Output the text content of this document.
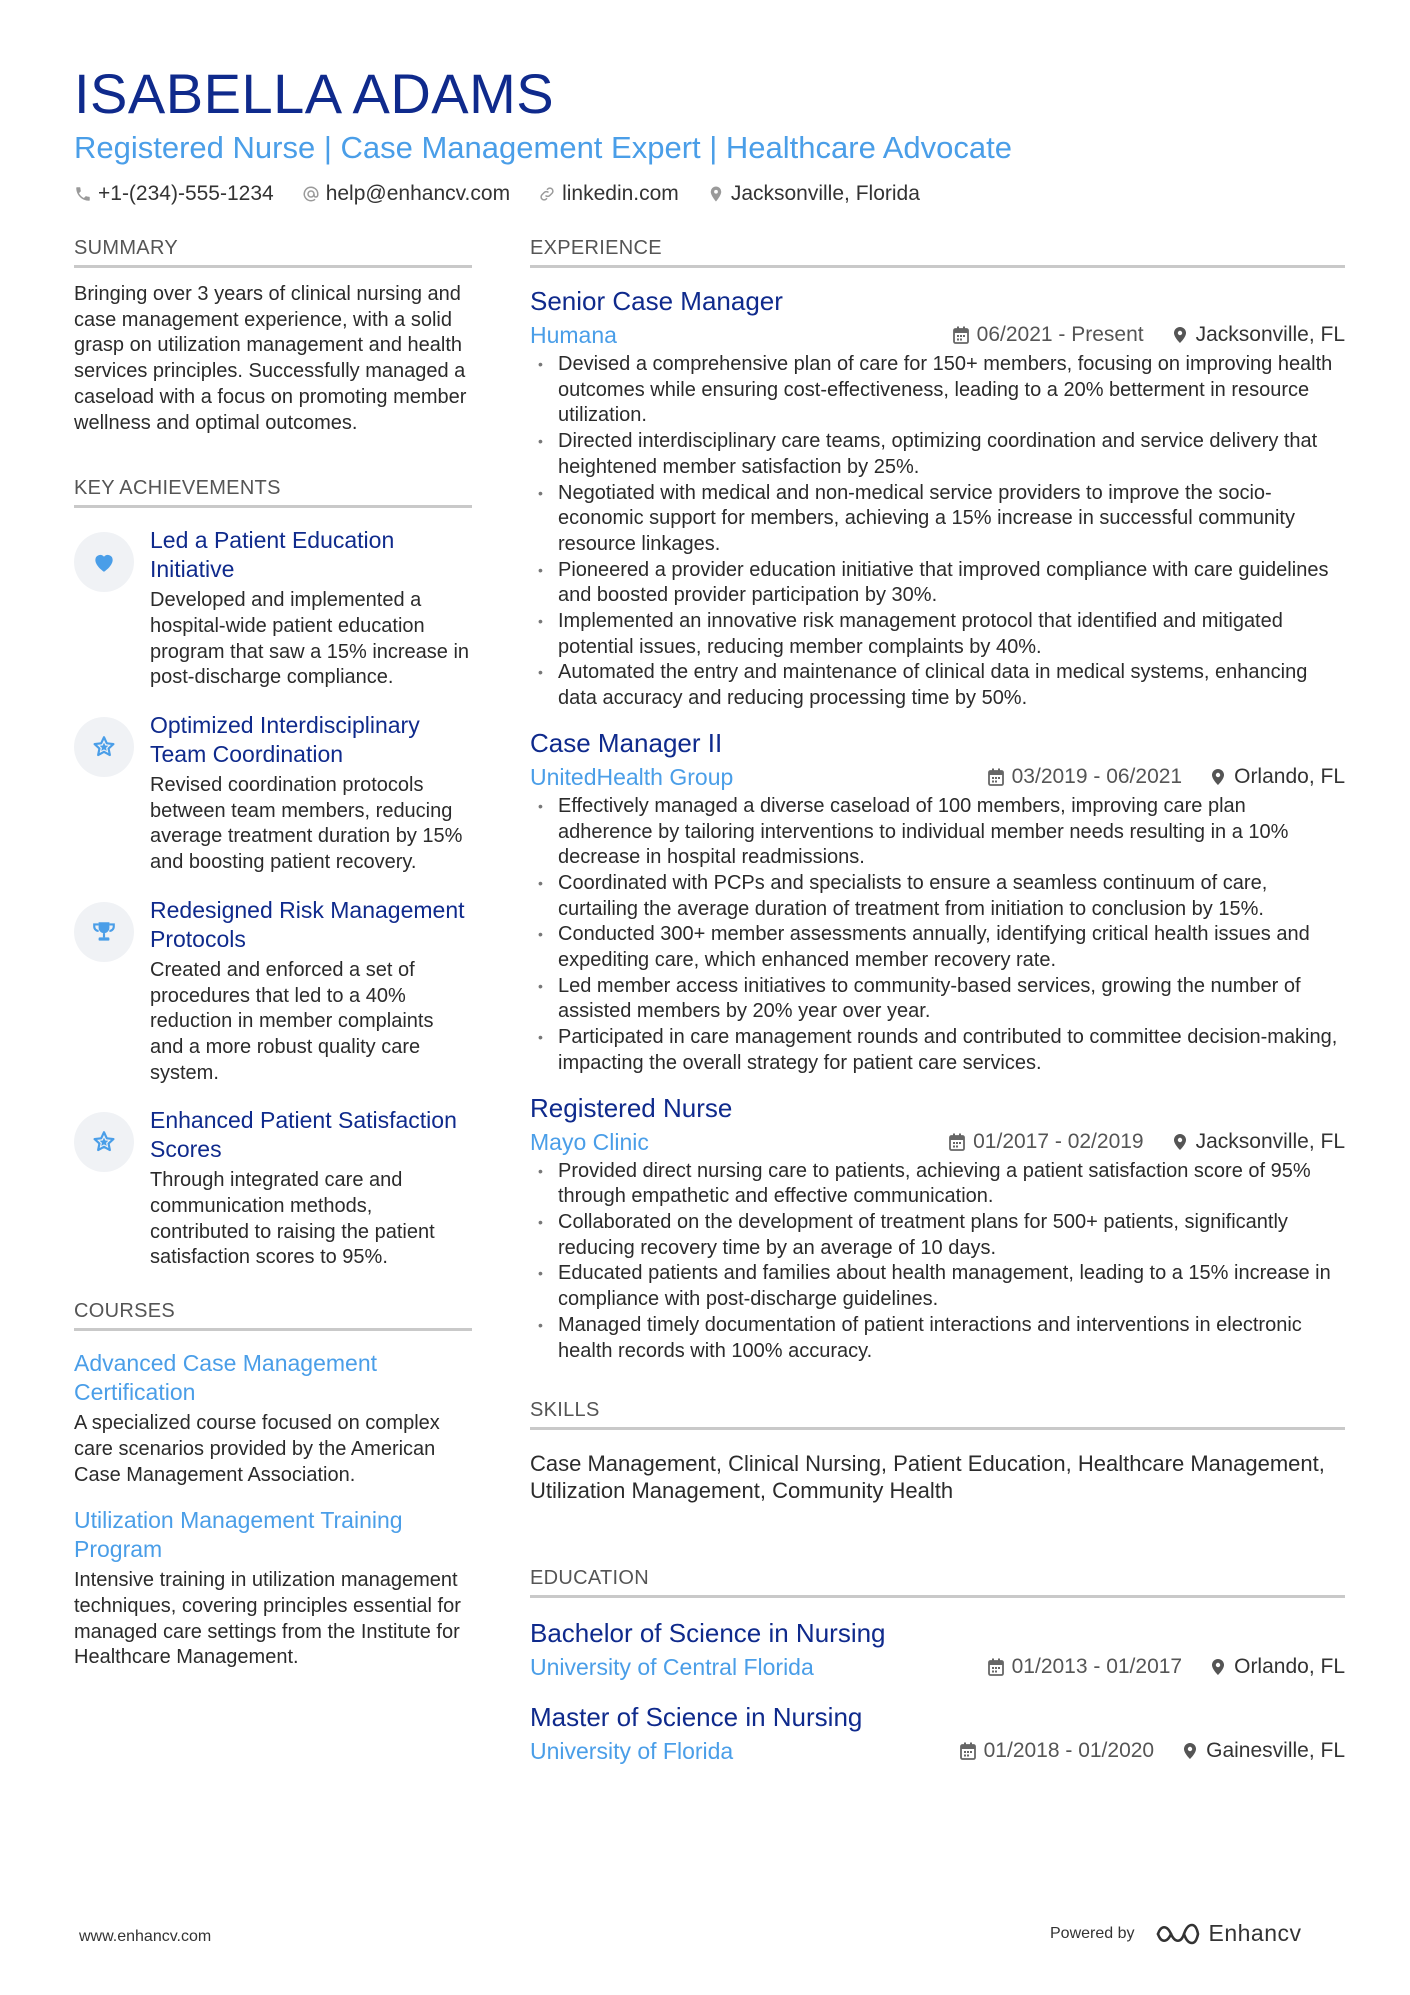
ISABELLA ADAMS
Registered Nurse | Case Management Expert | Healthcare Advocate
+1-(234)-555-1234 help@enhancv.com linkedin.com Jacksonville, Florida
SUMMARY

Bringing over 3 years of clinical nursing and case management experience, with a solid grasp on utilization management and health services principles. Successfully managed a caseload with a focus on promoting member wellness and optimal outcomes.

KEY ACHIEVEMENTS
Led a Patient Education Initiative

Developed and implemented a hospital-wide patient education program that saw a 15% increase in post-discharge compliance.

Optimized Interdisciplinary Team Coordination

Revised coordination protocols between team members, reducing average treatment duration by 15% and boosting patient recovery.

Redesigned Risk Management Protocols

Created and enforced a set of procedures that led to a 40% reduction in member complaints and a more robust quality care system.

Enhanced Patient Satisfaction Scores

Through integrated care and communication methods, contributed to raising the patient satisfaction scores to 95%.

COURSES
Advanced Case Management Certification

A specialized course focused on complex care scenarios provided by the American Case Management Association.

Utilization Management Training Program

Intensive training in utilization management techniques, covering principles essential for managed care settings from the Institute for Healthcare Management.

EXPERIENCE
Senior Case Manager
Humana	06/2021 - Present Jacksonville, FL
• Devised a comprehensive plan of care for 150+ members, focusing on improving health outcomes while ensuring cost-effectiveness, leading to a 20% betterment in resource utilization.
• Directed interdisciplinary care teams, optimizing coordination and service delivery that heightened member satisfaction by 25%.
• Negotiated with medical and non-medical service providers to improve the socio-economic support for members, achieving a 15% increase in successful community resource linkages.
• Pioneered a provider education initiative that improved compliance with care guidelines and boosted provider participation by 30%.
• Implemented an innovative risk management protocol that identified and mitigated potential issues, reducing member complaints by 40%.
• Automated the entry and maintenance of clinical data in medical systems, enhancing data accuracy and reducing processing time by 50%.
Case Manager II
UnitedHealth Group	03/2019 - 06/2021 Orlando, FL
• Effectively managed a diverse caseload of 100 members, improving care plan adherence by tailoring interventions to individual member needs resulting in a 10% decrease in hospital readmissions.
• Coordinated with PCPs and specialists to ensure a seamless continuum of care, curtailing the average duration of treatment from initiation to conclusion by 15%.
• Conducted 300+ member assessments annually, identifying critical health issues and expediting care, which enhanced member recovery rate.
• Led member access initiatives to community-based services, growing the number of assisted members by 20% year over year.
• Participated in care management rounds and contributed to committee decision-making, impacting the overall strategy for patient care services.
Registered Nurse
Mayo Clinic	01/2017 - 02/2019 Jacksonville, FL
• Provided direct nursing care to patients, achieving a patient satisfaction score of 95% through empathetic and effective communication.
• Collaborated on the development of treatment plans for 500+ patients, significantly reducing recovery time by an average of 10 days.
• Educated patients and families about health management, leading to a 15% increase in compliance with post-discharge guidelines.
• Managed timely documentation of patient interactions and interventions in electronic health records with 100% accuracy.
SKILLS

Case Management, Clinical Nursing, Patient Education, Healthcare Management, Utilization Management, Community Health

EDUCATION
Bachelor of Science in Nursing
University of Central Florida	01/2013 - 01/2017 Orlando, FL
Master of Science in Nursing
University of Florida	01/2018 - 01/2020 Gainesville, FL
www.enhancv.com	Powered by	Enhancv
